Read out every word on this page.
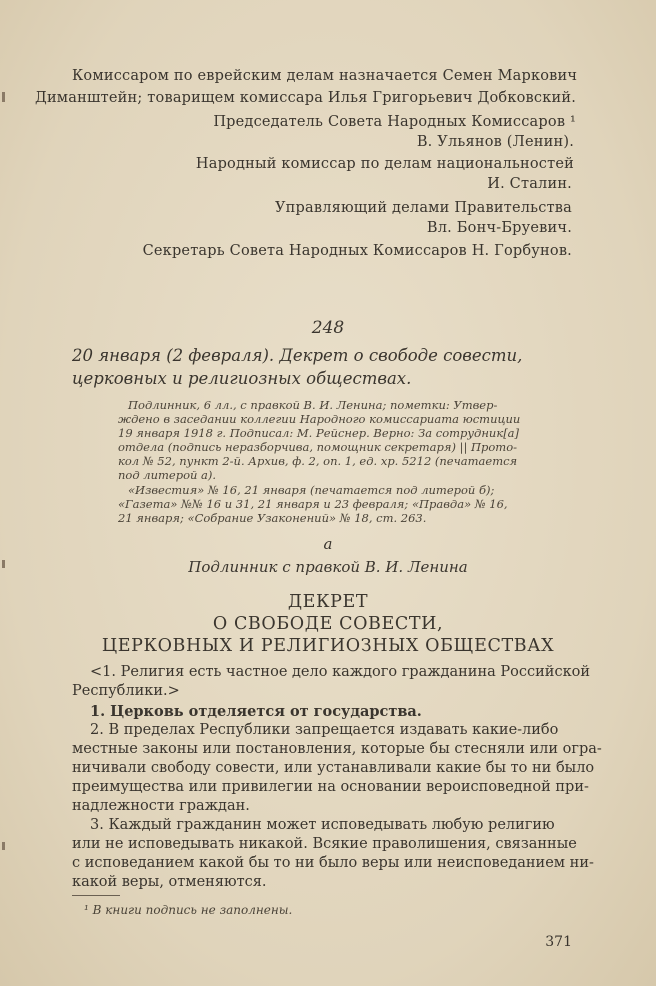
Комиссаром по еврейским делам назначается Семен Маркович
Диманштейн; товарищем комиссара Илья Григорьевич Добковский.
Председатель Совета Народных Комиссаров ¹
В. Ульянов (Ленин).
Народный комиссар по делам национальностей
И. Сталин.
Управляющий делами Правительства
Вл. Бонч-Бруевич.
Секретарь Совета Народных Комиссаров Н. Горбунов.
248
20 января (2 февраля). Декрет о свободе совести,
церковных и религиозных обществах.
Подлинник, 6 лл., с правкой В. И. Ленина; пометки: Утвер-
ждено в заседании коллегии Народного комиссариата юстиции
19 января 1918 г. Подписал: М. Рейснер. Верно: За сотрудник[а]
отдела (подпись неразборчива, помощник секретаря) || Прото-
кол № 52, пункт 2-й. Архив, ф. 2, оп. 1, ед. хр. 5212 (печатается
под литерой а).
«Известия» № 16, 21 января (печатается под литерой б);
«Газета» №№ 16 и 31, 21 января и 23 февраля; «Правда» № 16,
21 января; «Собрание Узаконений» № 18, ст. 263.
а
Подлинник с правкой В. И. Ленина
ДЕКРЕТ
О СВОБОДЕ СОВЕСТИ,
ЦЕРКОВНЫХ И РЕЛИГИОЗНЫХ ОБЩЕСТВАХ
<1. Религия есть частное дело каждого гражданина Российской
Республики.>
1. Церковь отделяется от государства.
2. В пределах Республики запрещается издавать какие-либо
местные законы или постановления, которые бы стесняли или огра-
ничивали свободу совести, или устанавливали какие бы то ни было
преимущества или привилегии на основании вероисповедной при-
надлежности граждан.
3. Каждый гражданин может исповедывать любую религию
или не исповедывать никакой. Всякие праволишения, связанные
с исповеданием какой бы то ни было веры или неисповеданием ни-
какой веры, отменяются.
¹ В книги подпись не заполнены.
371
